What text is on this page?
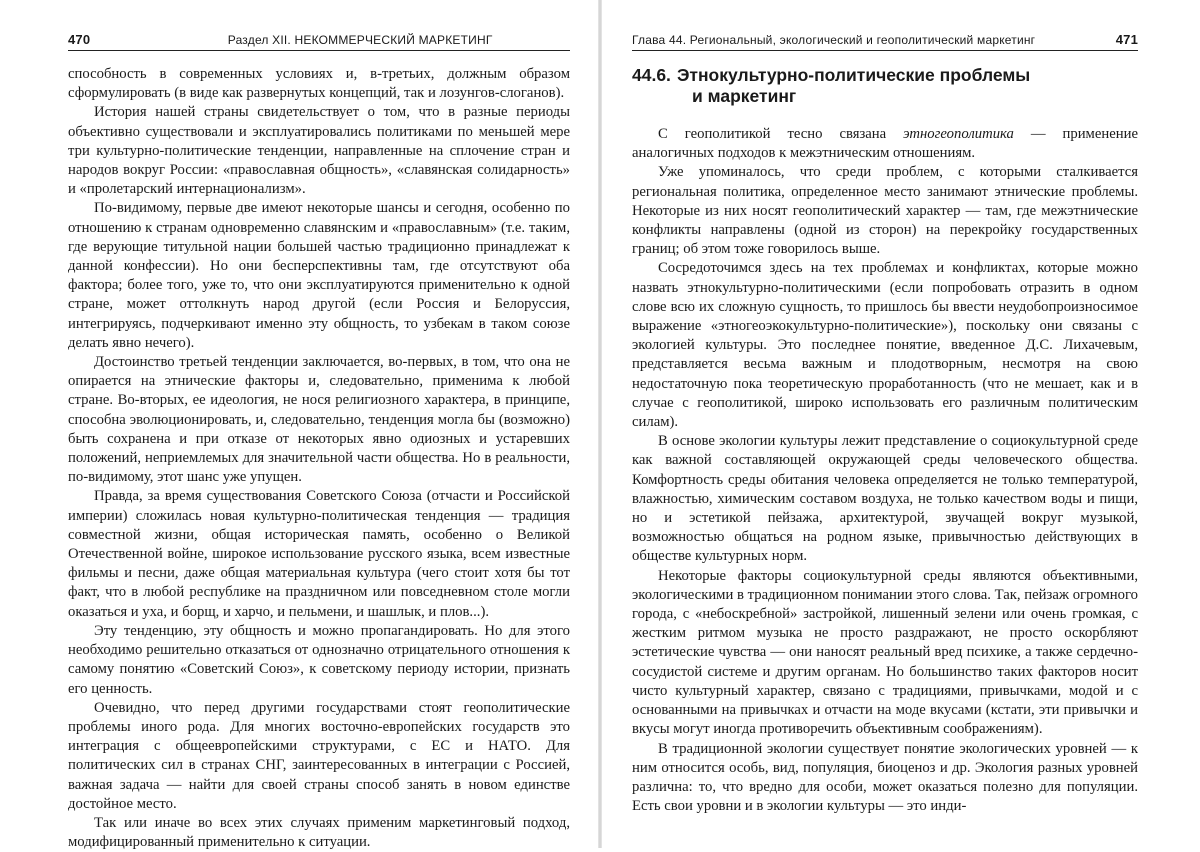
470	Раздел XII. НЕКОММЕРЧЕСКИЙ МАРКЕТИНГ

способность в современных условиях и, в-третьих, должным образом сформулировать (в виде как развернутых концепций, так и лозунгов-слоганов).

История нашей страны свидетельствует о том, что в разные периоды объективно существовали и эксплуатировались политиками по меньшей мере три культурно-политические тенденции, направленные на сплочение стран и народов вокруг России: «православная общность», «славянская солидарность» и «пролетарский интернационализм».

По-видимому, первые две имеют некоторые шансы и сегодня, особенно по отношению к странам одновременно славянским и «православным» (т.е. таким, где верующие титульной нации большей частью традиционно принадлежат к данной конфессии). Но они бесперспективны там, где отсутствуют оба фактора; более того, уже то, что они эксплуатируются применительно к одной стране, может оттолкнуть народ другой (если Россия и Белоруссия, интегрируясь, подчеркивают именно эту общность, то узбекам в таком союзе делать явно нечего).

Достоинство третьей тенденции заключается, во-первых, в том, что она не опирается на этнические факторы и, следовательно, применима к любой стране. Во-вторых, ее идеология, не нося религиозного характера, в принципе, способна эволюционировать, и, следовательно, тенденция могла бы (возможно) быть сохранена и при отказе от некоторых явно одиозных и устаревших положений, неприемлемых для значительной части общества. Но в реальности, по-видимому, этот шанс уже упущен.

Правда, за время существования Советского Союза (отчасти и Российской империи) сложилась новая культурно-политическая тенденция — традиция совместной жизни, общая историческая память, особенно о Великой Отечественной войне, широкое использование русского языка, всем известные фильмы и песни, даже общая материальная культура (чего стоит хотя бы тот факт, что в любой республике на праздничном или повседневном столе могли оказаться и уха, и борщ, и харчо, и пельмени, и шашлык, и плов...).

Эту тенденцию, эту общность и можно пропагандировать. Но для этого необходимо решительно отказаться от однозначно отрицательного отношения к самому понятию «Советский Союз», к советскому периоду истории, признать его ценность.

Очевидно, что перед другими государствами стоят геополитические проблемы иного рода. Для многих восточно-европейских государств это интеграция с общеевропейскими структурами, с ЕС и НАТО. Для политических сил в странах СНГ, заинтересованных в интеграции с Россией, важная задача — найти для своей страны способ занять в новом единстве достойное место.

Так или иначе во всех этих случаях применим маркетинговый подход, модифицированный применительно к ситуации.

Глава 44. Региональный, экологический и геополитический маркетинг	471
44.6. Этнокультурно-политические проблемы
и маркетинг

С геополитикой тесно связана этногеополитика — применение аналогичных подходов к межэтническим отношениям.

Уже упоминалось, что среди проблем, с которыми сталкивается региональная политика, определенное место занимают этнические проблемы. Некоторые из них носят геополитический характер — там, где межэтнические конфликты направлены (одной из сторон) на перекройку государственных границ; об этом тоже говорилось выше.

Сосредоточимся здесь на тех проблемах и конфликтах, которые можно назвать этнокультурно-политическими (если попробовать отразить в одном слове всю их сложную сущность, то пришлось бы ввести неудобопроизносимое выражение «этногеоэкокультурно-политические»), поскольку они связаны с экологией культуры. Это последнее понятие, введенное Д.С. Лихачевым, представляется весьма важным и плодотворным, несмотря на свою недостаточную пока теоретическую проработанность (что не мешает, как и в случае с геополитикой, широко использовать его различным политическим силам).

В основе экологии культуры лежит представление о социокультурной среде как важной составляющей окружающей среды человеческого общества. Комфортность среды обитания человека определяется не только температурой, влажностью, химическим составом воздуха, не только качеством воды и пищи, но и эстетикой пейзажа, архитектурой, звучащей вокруг музыкой, возможностью общаться на родном языке, привычностью действующих в обществе культурных норм.

Некоторые факторы социокультурной среды являются объективными, экологическими в традиционном понимании этого слова. Так, пейзаж огромного города, с «небоскребной» застройкой, лишенный зелени или очень громкая, с жестким ритмом музыка не просто раздражают, не просто оскорбляют эстетические чувства — они наносят реальный вред психике, а также сердечно-сосудистой системе и другим органам. Но большинство таких факторов носит чисто культурный характер, связано с традициями, привычками, модой и с основанными на привычках и отчасти на моде вкусами (кстати, эти привычки и вкусы могут иногда противоречить объективным соображениям).

В традиционной экологии существует понятие экологических уровней — к ним относится особь, вид, популяция, биоценоз и др. Экология разных уровней различна: то, что вредно для особи, может оказаться полезно для популяции. Есть свои уровни и в экологии культуры — это инди-
